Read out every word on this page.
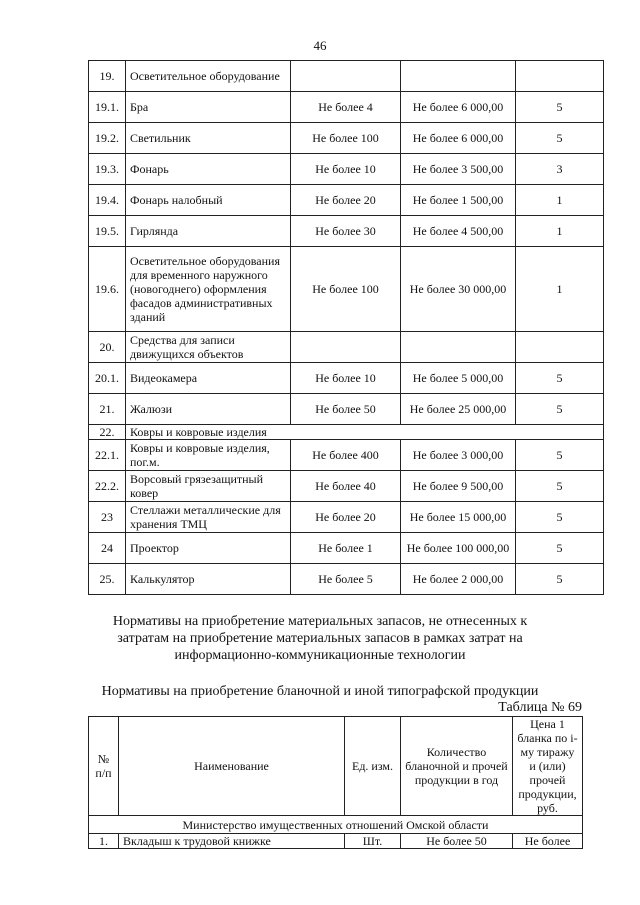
46
19.	Осветительное оборудование			
19.1.	Бра	Не более 4	Не более 6 000,00	5
19.2.	Светильник	Не более 100	Не более 6 000,00	5
19.3.	Фонарь	Не более 10	Не более 3 500,00	3
19.4.	Фонарь налобный	Не более 20	Не более 1 500,00	1
19.5.	Гирлянда	Не более 30	Не более 4 500,00	1
19.6.	Осветительное оборудования для временного наружного (новогоднего) оформления фасадов административных зданий	Не более 100	Не более 30 000,00	1
20.	Средства для записи движущихся объектов			
20.1.	Видеокамера	Не более 10	Не более 5 000,00	5
21.	Жалюзи	Не более 50	Не более 25 000,00	5
22.	Ковры и ковровые изделия			
22.1.	Ковры и ковровые изделия, пог.м.	Не более 400	Не более 3 000,00	5
22.2.	Ворсовый грязезащитный ковер	Не более 40	Не более 9 500,00	5
23	Стеллажи металлические для хранения ТМЦ	Не более 20	Не более 15 000,00	5
24	Проектор	Не более 1	Не более 100 000,00	5
25.	Калькулятор	Не более 5	Не более 2 000,00	5
Нормативы на приобретение материальных запасов, не отнесенных к затратам на приобретение материальных запасов в рамках затрат на информационно-коммуникационные технологии
Нормативы на приобретение бланочной и иной типографской продукции
Таблица № 69
№ п/п	Наименование	Ед. изм.	Количество бланочной и прочей продукции в год	Цена 1 бланка по i-му тиражу и (или) прочей продукции, руб.
Министерство имущественных отношений Омской области				
1.	Вкладыш к трудовой книжке	Шт.	Не более 50	Не более
